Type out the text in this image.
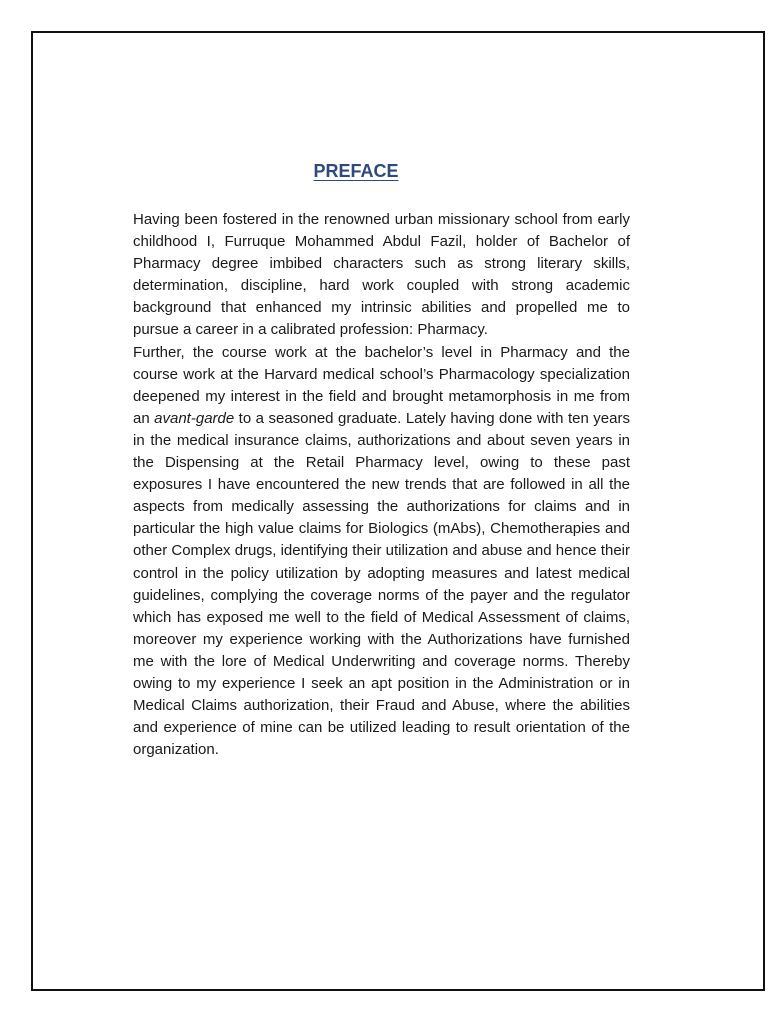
PREFACE

Having been fostered in the renowned urban missionary school from early childhood I, Furruque Mohammed Abdul Fazil, holder of Bachelor of Pharmacy degree imbibed characters such as strong literary skills, determination, discipline, hard work coupled with strong academic background that enhanced my intrinsic abilities and propelled me to pursue a career in a calibrated profession: Pharmacy.

Further, the course work at the bachelor’s level in Pharmacy and the course work at the Harvard medical school’s Pharmacology specialization deepened my interest in the field and brought metamorphosis in me from an avant-garde to a seasoned graduate. Lately having done with ten years in the medical insurance claims, authorizations and about seven years in the Dispensing at the Retail Pharmacy level, owing to these past exposures I have encountered the new trends that are followed in all the aspects from medically assessing the authorizations for claims and in particular the high value claims for Biologics (mAbs), Chemotherapies and other Complex drugs, identifying their utilization and abuse and hence their control in the policy utilization by adopting measures and latest medical guidelines, complying the coverage norms of the payer and the regulator which has exposed me well to the field of Medical Assessment of claims, moreover my experience working with the Authorizations have furnished me with the lore of Medical Underwriting and coverage norms. Thereby owing to my experience I seek an apt position in the Administration or in Medical Claims authorization, their Fraud and Abuse, where the abilities and experience of mine can be utilized leading to result orientation of the organization.
